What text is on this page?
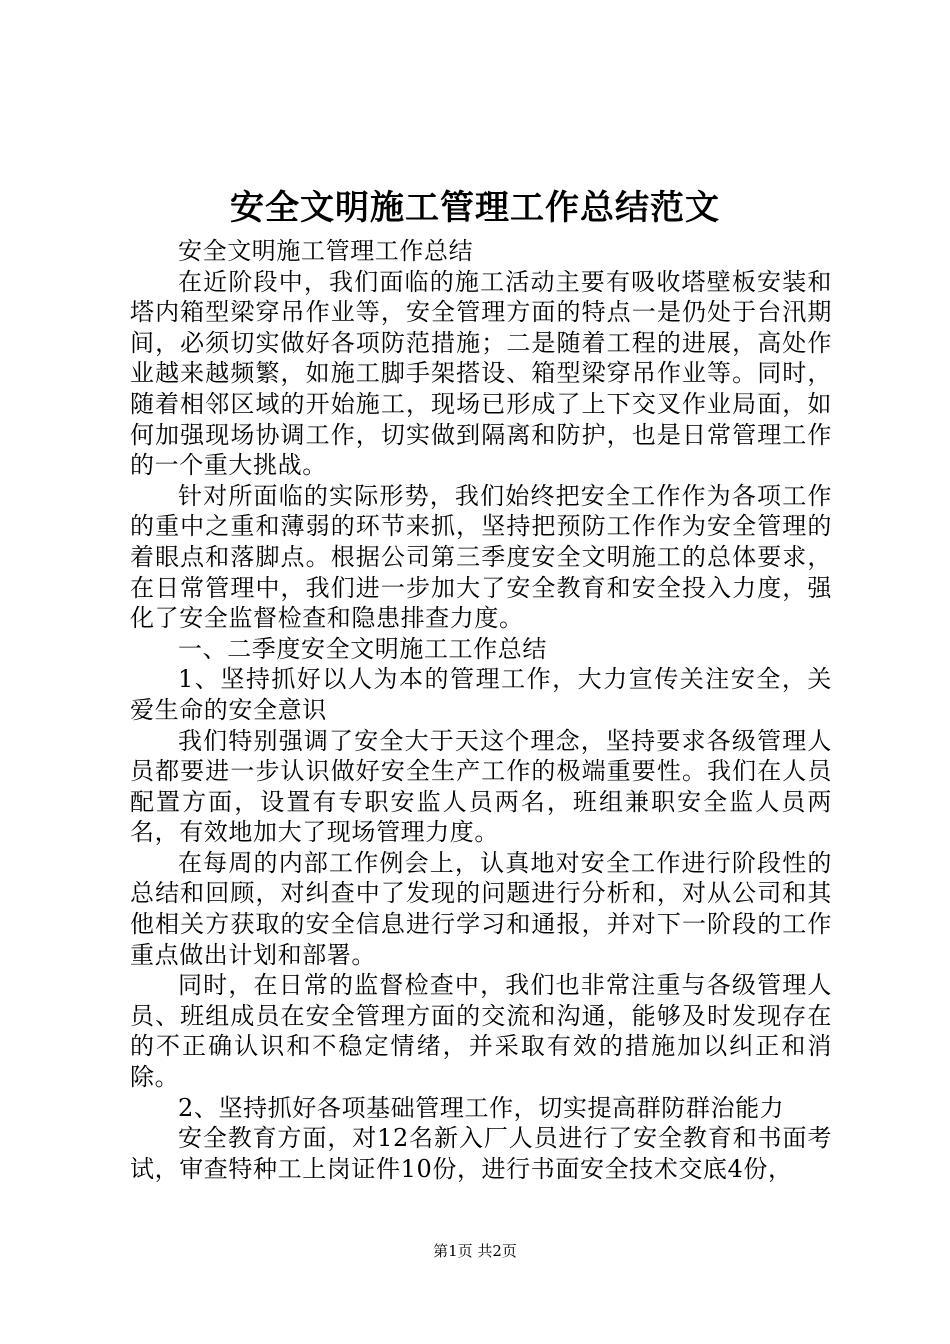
安全文明施工管理工作总结范文

安全文明施工管理工作总结

在近阶段中，我们面临的施工活动主要有吸收塔壁板安装和塔内箱型梁穿吊作业等，安全管理方面的特点一是仍处于台汛期间，必须切实做好各项防范措施；二是随着工程的进展，高处作业越来越频繁，如施工脚手架搭设、箱型梁穿吊作业等。同时，随着相邻区域的开始施工，现场已形成了上下交叉作业局面，如何加强现场协调工作，切实做到隔离和防护，也是日常管理工作的一个重大挑战。

针对所面临的实际形势，我们始终把安全工作作为各项工作的重中之重和薄弱的环节来抓，坚持把预防工作作为安全管理的着眼点和落脚点。根据公司第三季度安全文明施工的总体要求，在日常管理中，我们进一步加大了安全教育和安全投入力度，强化了安全监督检查和隐患排查力度。

一、二季度安全文明施工工作总结

1、坚持抓好以人为本的管理工作，大力宣传关注安全，关爱生命的安全意识

我们特别强调了安全大于天这个理念，坚持要求各级管理人员都要进一步认识做好安全生产工作的极端重要性。我们在人员配置方面，设置有专职安监人员两名，班组兼职安全监人员两名，有效地加大了现场管理力度。

在每周的内部工作例会上，认真地对安全工作进行阶段性的总结和回顾，对纠查中了发现的问题进行分析和，对从公司和其他相关方获取的安全信息进行学习和通报，并对下一阶段的工作重点做出计划和部署。

同时，在日常的监督检查中，我们也非常注重与各级管理人员、班组成员在安全管理方面的交流和沟通，能够及时发现存在的不正确认识和不稳定情绪，并采取有效的措施加以纠正和消除。

2、坚持抓好各项基础管理工作，切实提高群防群治能力

安全教育方面，对12名新入厂人员进行了安全教育和书面考试，审查特种工上岗证件10份，进行书面安全技术交底4份，

第1页 共2页
